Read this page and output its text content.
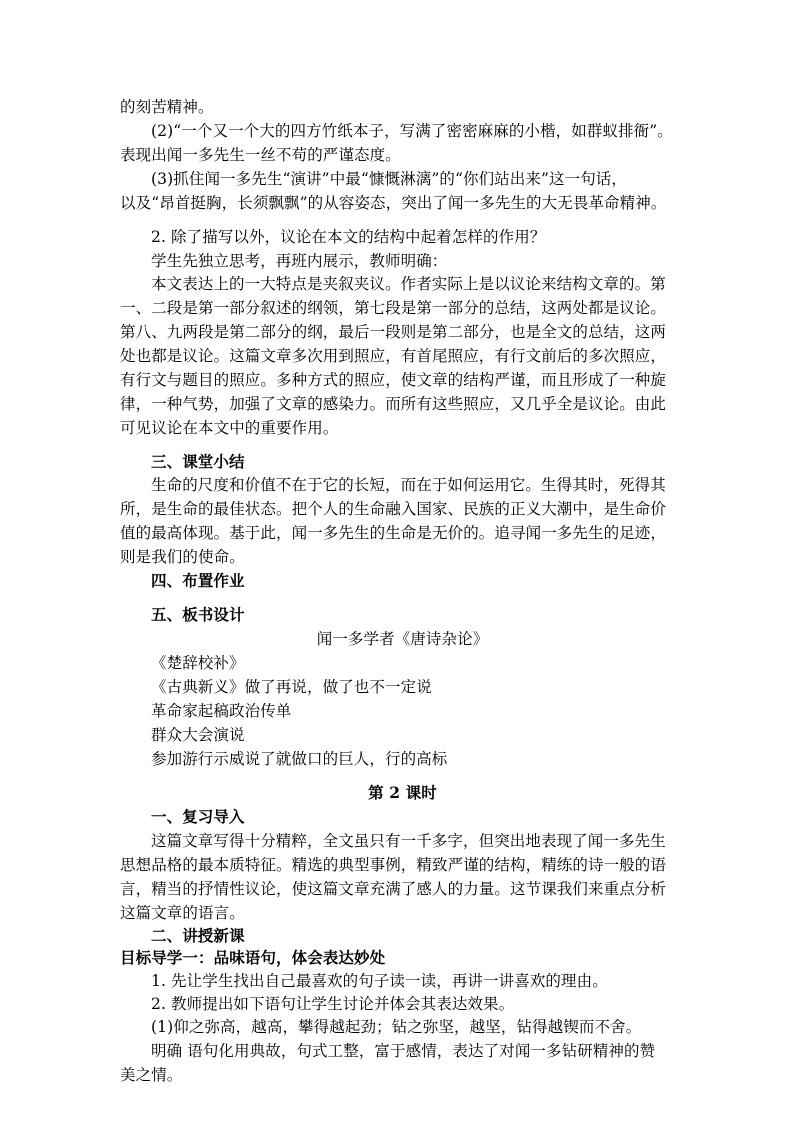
的刻苦精神。
(2)“一个又一个大的四方竹纸本子，写满了密密麻麻的小楷，如群蚁排衙”。
表现出闻一多先生一丝不苟的严谨态度。
(3)抓住闻一多先生“演讲”中最“慷慨淋漓”的“你们站出来”这一句话，
以及“昂首挺胸，长须飘飘”的从容姿态，突出了闻一多先生的大无畏革命精神。
2. 除了描写以外，议论在本文的结构中起着怎样的作用？
学生先独立思考，再班内展示，教师明确：
本文表达上的一大特点是夹叙夹议。作者实际上是以议论来结构文章的。第
一、二段是第一部分叙述的纲领，第七段是第一部分的总结，这两处都是议论。
第八、九两段是第二部分的纲，最后一段则是第二部分，也是全文的总结，这两
处也都是议论。这篇文章多次用到照应，有首尾照应，有行文前后的多次照应，
有行文与题目的照应。多种方式的照应，使文章的结构严谨，而且形成了一种旋
律，一种气势，加强了文章的感染力。而所有这些照应，又几乎全是议论。由此
可见议论在本文中的重要作用。
三、课堂小结
生命的尺度和价值不在于它的长短，而在于如何运用它。生得其时，死得其
所，是生命的最佳状态。把个人的生命融入国家、民族的正义大潮中，是生命价
值的最高体现。基于此，闻一多先生的生命是无价的。追寻闻一多先生的足迹，
则是我们的使命。
四、布置作业
五、板书设计
闻一多学者《唐诗杂论》
《楚辞校补》
《古典新义》做了再说，做了也不一定说
革命家起稿政治传单
群众大会演说
参加游行示威说了就做口的巨人，行的高标
第 2 课时
一、复习导入
这篇文章写得十分精粹，全文虽只有一千多字，但突出地表现了闻一多先生
思想品格的最本质特征。精选的典型事例，精致严谨的结构，精练的诗一般的语
言，精当的抒情性议论，使这篇文章充满了感人的力量。这节课我们来重点分析
这篇文章的语言。
二、讲授新课
目标导学一：品味语句，体会表达妙处
1. 先让学生找出自己最喜欢的句子读一读，再讲一讲喜欢的理由。
2. 教师提出如下语句让学生讨论并体会其表达效果。
(1)仰之弥高，越高，攀得越起劲；钻之弥坚，越坚，钻得越锲而不舍。
明确 语句化用典故，句式工整，富于感情，表达了对闻一多钻研精神的赞
美之情。
